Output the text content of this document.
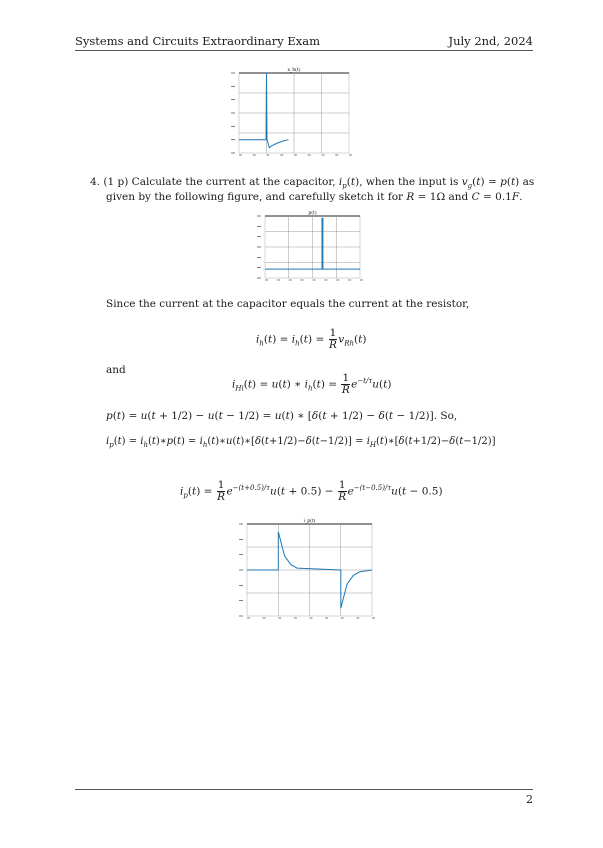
Systems and Circuits Extraordinary Exam	July 2nd, 2024
x_h(t)
4. (1 p) Calculate the current at the capacitor, $i_p(t)$, when the input is $v_g(t) = p(t)$ as
given by the following figure, and carefully sketch it for R = 1Ω and C = 0.1F.
p(t)
Since the current at the capacitor equals the current at the resistor,
$i_h(t) = i_h(t) = \frac{1}{R} v_{Rh}(t)$
and
$i_{Hi}(t) = u(t)$ ∗ $i_h(t) = \frac{1}{R} e^{-t/\tau}u(t)$
p(t) = u(t + 1/2) − u(t − 1/2) = u(t) ∗ [δ(t + 1/2) − δ(t − 1/2)]. So,
$i_p(t)$ = $i_h(t)∗p(t)$ = $i_h(t)∗u(t)∗[\delta(t+1/2)-\delta(t-1/2)]$ = $i_H(t)∗[\delta(t+1/2)-\delta(t-1/2)]$
$i_p(t) = \frac{1}{R} e^{-(t+0.5)/\tau}u(t + 0.5) - \frac{1}{R} e^{-(t-0.5)/\tau}u(t - 0.5)$
i_p(t)
2
